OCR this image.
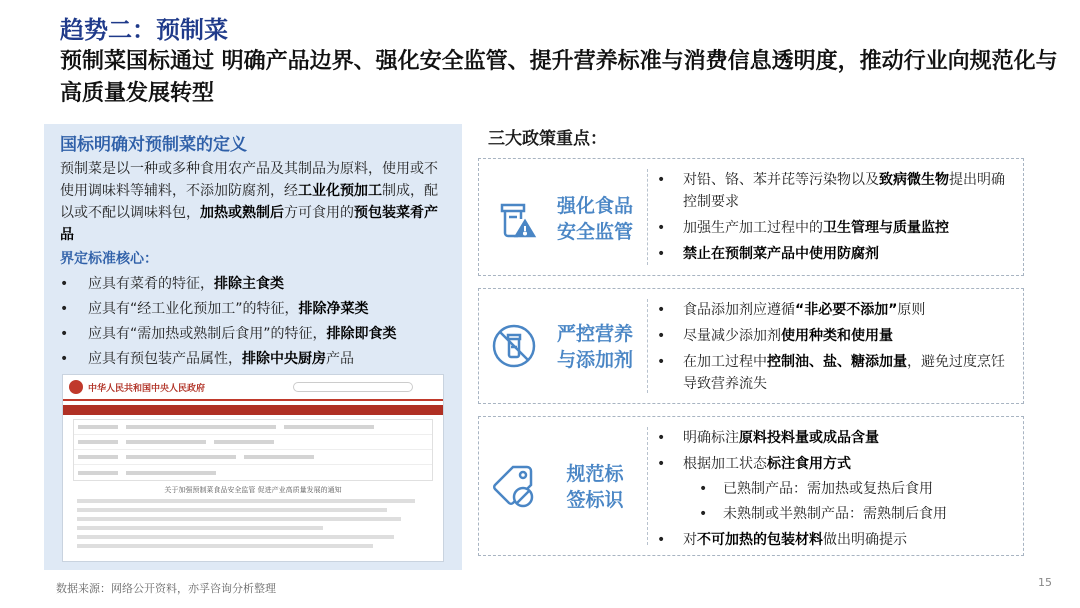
趋势二：预制菜
预制菜国标通过 明确产品边界、强化安全监管、提升营养标准与消费信息透明度，推动行业向规范化与高质量发展转型
国标明确对预制菜的定义
预制菜是以一种或多种食用农产品及其制品为原料，使用或不使用调味料等辅料，不添加防腐剂，经工业化预加工制成，配以或不配以调味料包，加热或熟制后方可食用的预包装菜肴产品
界定标准核心：
• 应具有菜肴的特征，排除主食类
• 应具有“经工业化预加工”的特征，排除净菜类
• 应具有“需加热或熟制后食用”的特征，排除即食类
• 应具有预包装产品属性，排除中央厨房产品
中华人民共和国中央人民政府
关于加强预制菜食品安全监管 促进产业高质量发展的通知
三大政策重点：
强化食品
安全监管
• 对铅、铬、苯并芘等污染物以及致病微生物提出明确控制要求
• 加强生产加工过程中的卫生管理与质量监控
• 禁止在预制菜产品中使用防腐剂
严控营养
与添加剂
• 食品添加剂应遵循“非必要不添加”原则
• 尽量减少添加剂使用种类和使用量
• 在加工过程中控制油、盐、糖添加量，避免过度烹饪导致营养流失
规范标
签标识
• 明确标注原料投料量或成品含量
• 根据加工状态标注食用方式
• 已熟制产品：需加热或复热后食用
• 未熟制或半熟制产品：需熟制后食用
• 对不可加热的包装材料做出明确提示
数据来源：网络公开资料，亦孚咨询分析整理	15
